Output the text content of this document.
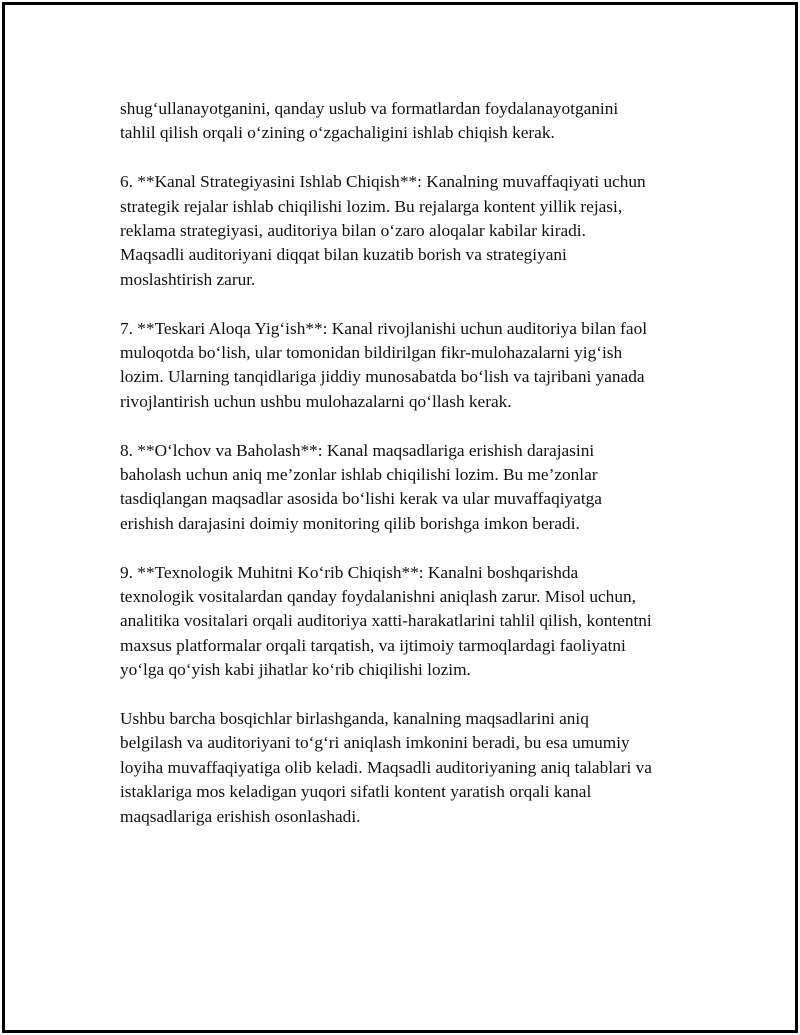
shug‘ullanayotganini, qanday uslub va formatlardan foydalanayotganini
tahlil qilish orqali o‘zining o‘zgachaligini ishlab chiqish kerak.

6. **Kanal Strategiyasini Ishlab Chiqish**: Kanalning muvaffaqiyati uchun
strategik rejalar ishlab chiqilishi lozim. Bu rejalarga kontent yillik rejasi,
reklama strategiyasi, auditoriya bilan o‘zaro aloqalar kabilar kiradi.
Maqsadli auditoriyani diqqat bilan kuzatib borish va strategiyani
moslashtirish zarur.

7. **Teskari Aloqa Yig‘ish**: Kanal rivojlanishi uchun auditoriya bilan faol
muloqotda bo‘lish, ular tomonidan bildirilgan fikr-mulohazalarni yig‘ish
lozim. Ularning tanqidlariga jiddiy munosabatda bo‘lish va tajribani yanada
rivojlantirish uchun ushbu mulohazalarni qo‘llash kerak.

8. **O‘lchov va Baholash**: Kanal maqsadlariga erishish darajasini
baholash uchun aniq me’zonlar ishlab chiqilishi lozim. Bu me’zonlar
tasdiqlangan maqsadlar asosida bo‘lishi kerak va ular muvaffaqiyatga
erishish darajasini doimiy monitoring qilib borishga imkon beradi.

9. **Texnologik Muhitni Ko‘rib Chiqish**: Kanalni boshqarishda
texnologik vositalardan qanday foydalanishni aniqlash zarur. Misol uchun,
analitika vositalari orqali auditoriya xatti-harakatlarini tahlil qilish, kontentni
maxsus platformalar orqali tarqatish, va ijtimoiy tarmoqlardagi faoliyatni
yo‘lga qo‘yish kabi jihatlar ko‘rib chiqilishi lozim.

Ushbu barcha bosqichlar birlashganda, kanalning maqsadlarini aniq
belgilash va auditoriyani to‘g‘ri aniqlash imkonini beradi, bu esa umumiy
loyiha muvaffaqiyatiga olib keladi. Maqsadli auditoriyaning aniq talablari va
istaklariga mos keladigan yuqori sifatli kontent yaratish orqali kanal
maqsadlariga erishish osonlashadi.
